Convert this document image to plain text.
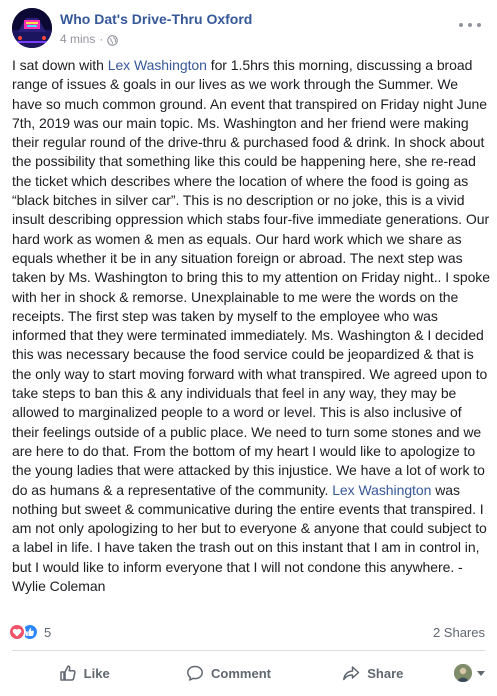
Who Dat's Drive-Thru Oxford
4 mins ·
I sat down with Lex Washington for 1.5hrs this morning, discussing a broad range of issues & goals in our lives as we work through the Summer. We have so much common ground. An event that transpired on Friday night June 7th, 2019 was our main topic. Ms. Washington and her friend were making their regular round of the drive-thru & purchased food & drink. In shock about the possibility that something like this could be happening here, she re-read the ticket which describes where the location of where the food is going as “black bitches in silver car”. This is no description or no joke, this is a vivid insult describing oppression which stabs four-five immediate generations. Our hard work as women & men as equals. Our hard work which we share as equals whether it be in any situation foreign or abroad. The next step was taken by Ms. Washington to bring this to my attention on Friday night.. I spoke with her in shock & remorse. Unexplainable to me were the words on the receipts. The first step was taken by myself to the employee who was informed that they were terminated immediately. Ms. Washington & I decided this was necessary because the food service could be jeopardized & that is the only way to start moving forward with what transpired. We agreed upon to take steps to ban this & any individuals that feel in any way, they may be allowed to marginalized people to a word or level. This is also inclusive of their feelings outside of a public place. We need to turn some stones and we are here to do that. From the bottom of my heart I would like to apologize to the young ladies that were attacked by this injustice. We have a lot of work to do as humans & a representative of the community. Lex Washington was nothing but sweet & communicative during the entire events that transpired. I am not only apologizing to her but to everyone & anyone that could subject to a label in life. I have taken the trash out on this instant that I am in control in, but I would like to inform everyone that I will not condone this anywhere. -Wylie Coleman
5	2 Shares
Like	Comment	Share
